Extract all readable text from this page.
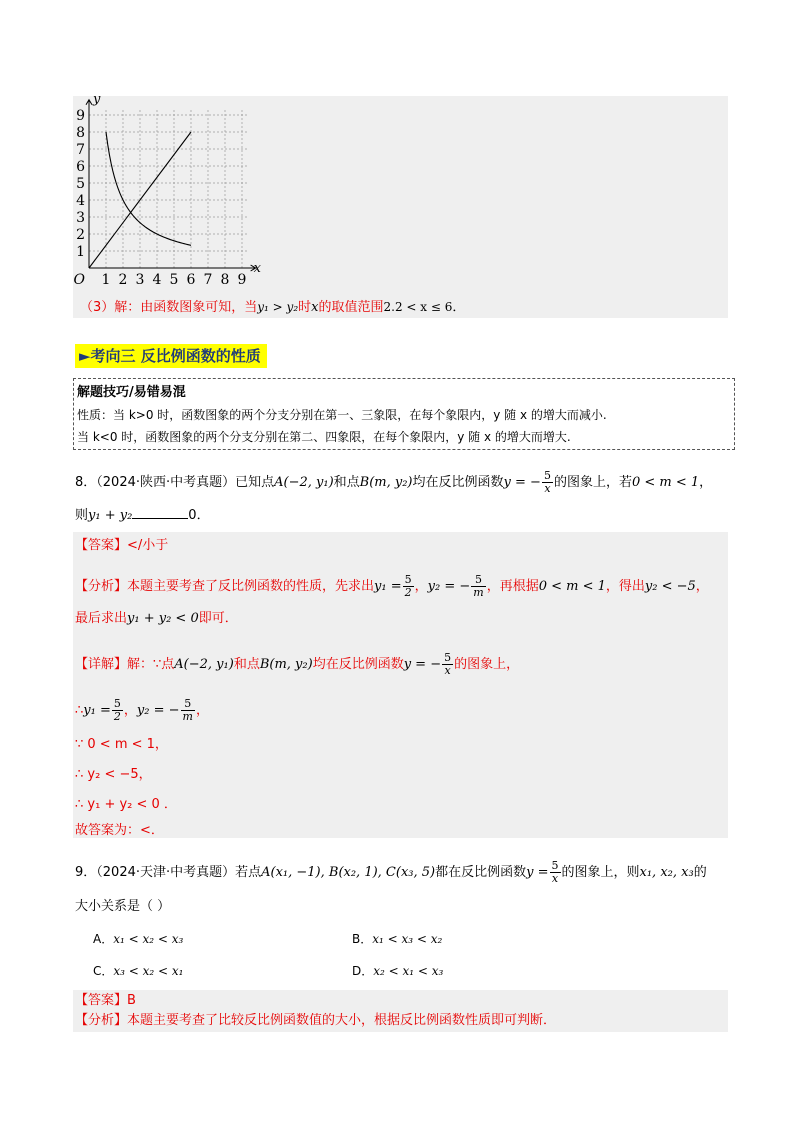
1
2
3
4
5
6
7
8
9
1 2 3 4 5 6 7 8 9
O
y
x
（3）解：由函数图象可知，当y₁ > y₂时x的取值范围2.2 < x ≤ 6．
►考向三 反比例函数的性质
解题技巧/易错易混
性质：当 k>0 时，函数图象的两个分支分别在第一、三象限，在每个象限内，y 随 x 的增大而减小.
当 k<0 时，函数图象的两个分支分别在第二、四象限，在每个象限内，y 随 x 的增大而增大.
8．（2024·陕西·中考真题）已知点A(−2, y₁)和点B(m, y₂)均在反比例函数y = − $\frac{5}{x}$ 的图象上，若0 < m < 1，
则y₁ + y₂	0．
【答案】</小于
【分析】本题主要考查了反比例函数的性质，先求出$y_1 = \frac{5}{2}$ ，y₂ = − $\frac{5}{m}$ ，再根据0 < m < 1，得出y₂ < −5，
最后求出y₁ + y₂ < 0即可．
【详解】解：∵点A(−2, y₁)和点B(m, y₂)均在反比例函数y = − $\frac{5}{x}$ 的图象上，
∴y₁ = $\frac{5}{2}$ ，y₂ = − $\frac{5}{m}$ ，
∵ 0 < m < 1，
∴ y₂ < −5，
∴ y₁ + y₂ < 0 ．
故答案为：<．
9．（2024·天津·中考真题）若点A(x₁, −1), B(x₂, 1), C(x₃, 5)都在反比例函数$y = \frac{5}{x}$ 的图象上，则x₁, x₂, x₃的
大小关系是（ ）
A．x₁ < x₂ < x₃	B．x₁ < x₃ < x₂
C．x₃ < x₂ < x₁	D．x₂ < x₁ < x₃
【答案】B
【分析】本题主要考查了比较反比例函数值的大小，根据反比例函数性质即可判断．
